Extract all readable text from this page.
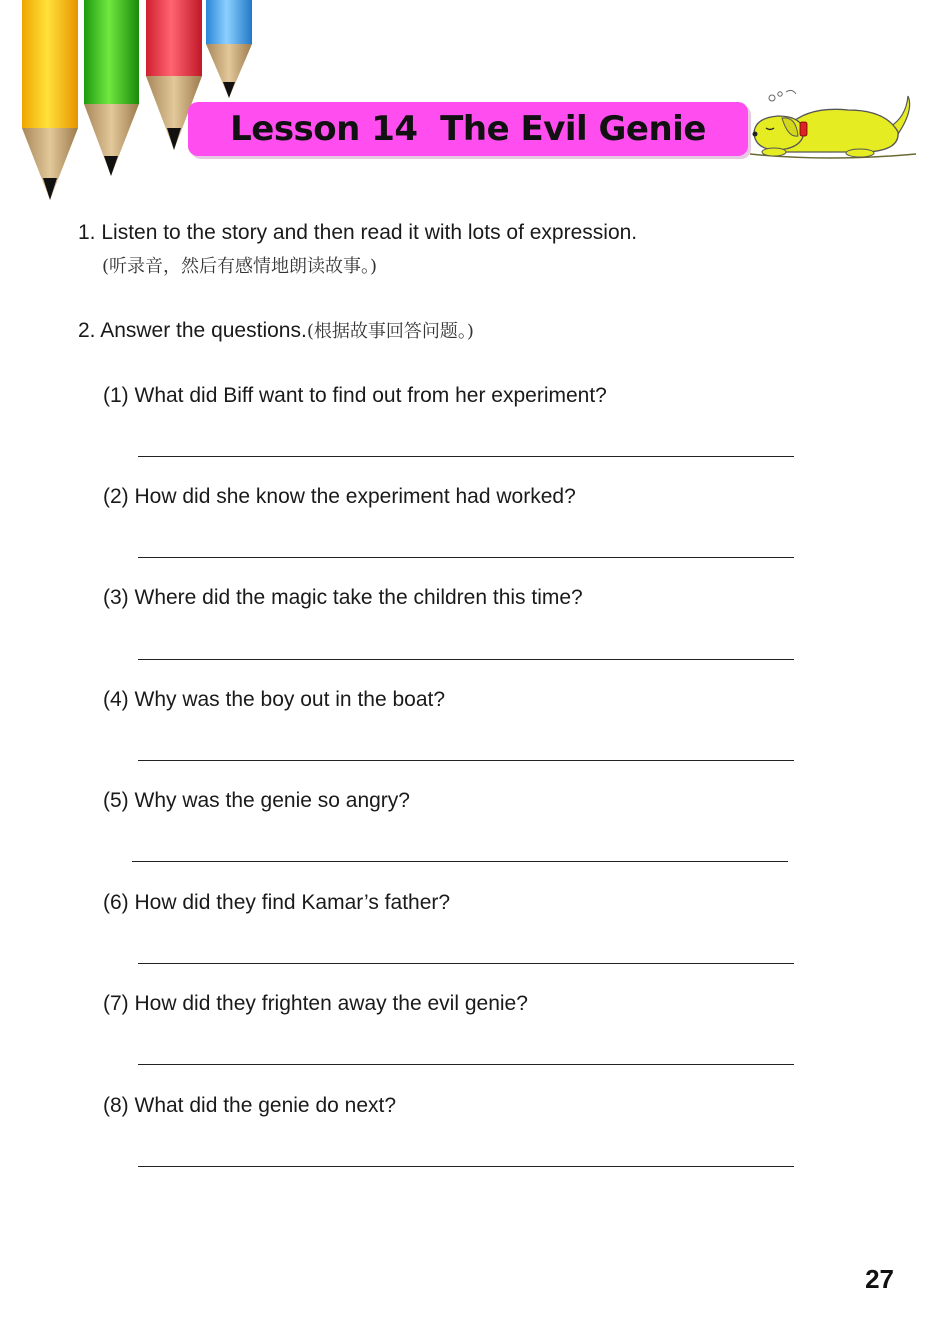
Lesson 14  The Evil Genie
1. Listen to the story and then read it with lots of expression.
(听录音，然后有感情地朗读故事。)
2. Answer the questions.(根据故事回答问题。)
(1) What did Biff want to find out from her experiment?
(2) How did she know the experiment had worked?
(3) Where did the magic take the children this time?
(4) Why was the boy out in the boat?
(5) Why was the genie so angry?
(6) How did they find Kamar’s father?
(7) How did they frighten away the evil genie?
(8) What did the genie do next?
27
